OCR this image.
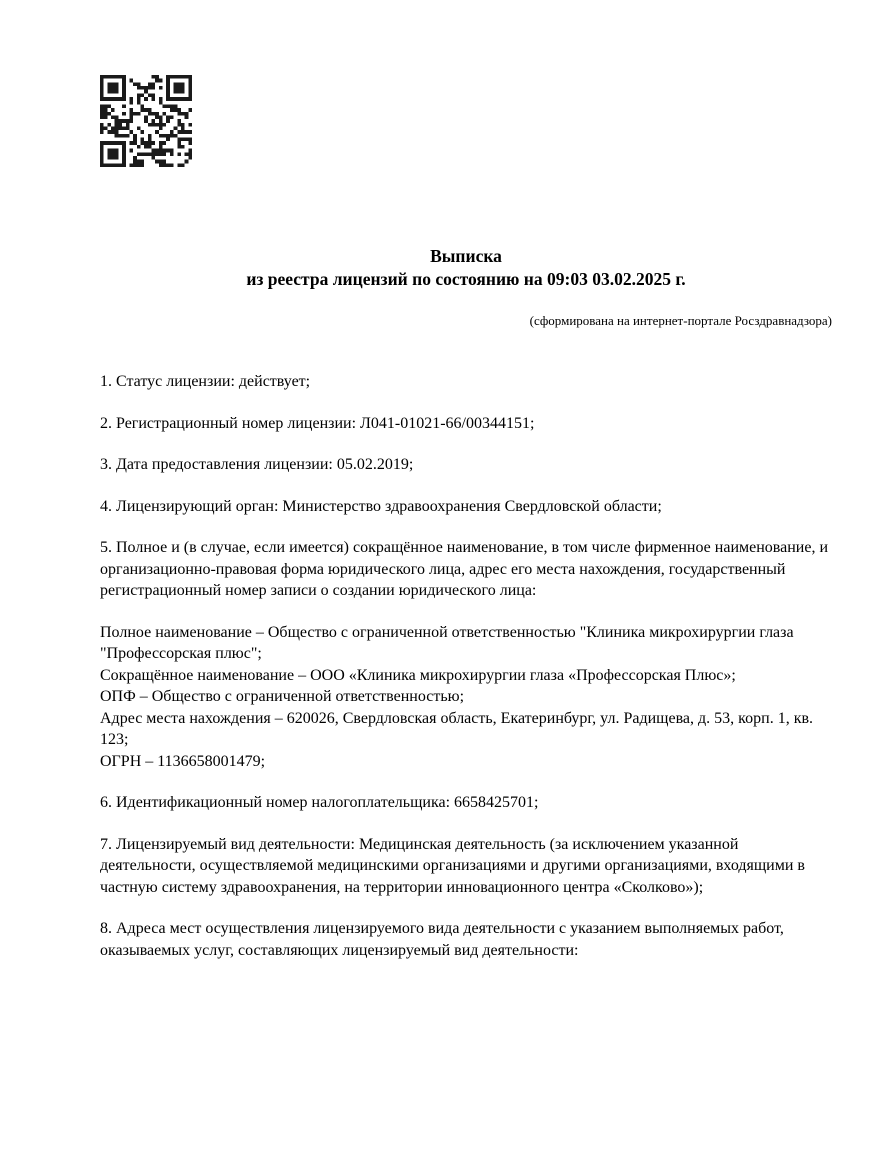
Выписка
из реестра лицензий по состоянию на 09:03 03.02.2025 г.
(сформирована на интернет-портале Росздравнадзора)

1. Статус лицензии: действует;

2. Регистрационный номер лицензии: Л041-01021-66/00344151;

3. Дата предоставления лицензии: 05.02.2019;

4. Лицензирующий орган: Министерство здравоохранения Свердловской области;

5. Полное и (в случае, если имеется) сокращённое наименование, в том числе фирменное наименование, и организационно-правовая форма юридического лица, адрес его места нахождения, государственный регистрационный номер записи о создании юридического лица:

Полное наименование – Общество с ограниченной ответственностью "Клиника микрохирургии глаза "Профессорская плюс";
Сокращённое наименование – ООО «Клиника микрохирургии глаза «Профессорская Плюс»;
ОПФ – Общество с ограниченной ответственностью;
Адрес места нахождения – 620026, Свердловская область, Екатеринбург, ул. Радищева, д. 53, корп. 1, кв. 123;
ОГРН – 1136658001479;

6. Идентификационный номер налогоплательщика: 6658425701;

7. Лицензируемый вид деятельности: Медицинская деятельность (за исключением указанной деятельности, осуществляемой медицинскими организациями и другими организациями, входящими в частную систему здравоохранения, на территории инновационного центра «Сколково»);

8. Адреса мест осуществления лицензируемого вида деятельности с указанием выполняемых работ, оказываемых услуг, составляющих лицензируемый вид деятельности:
